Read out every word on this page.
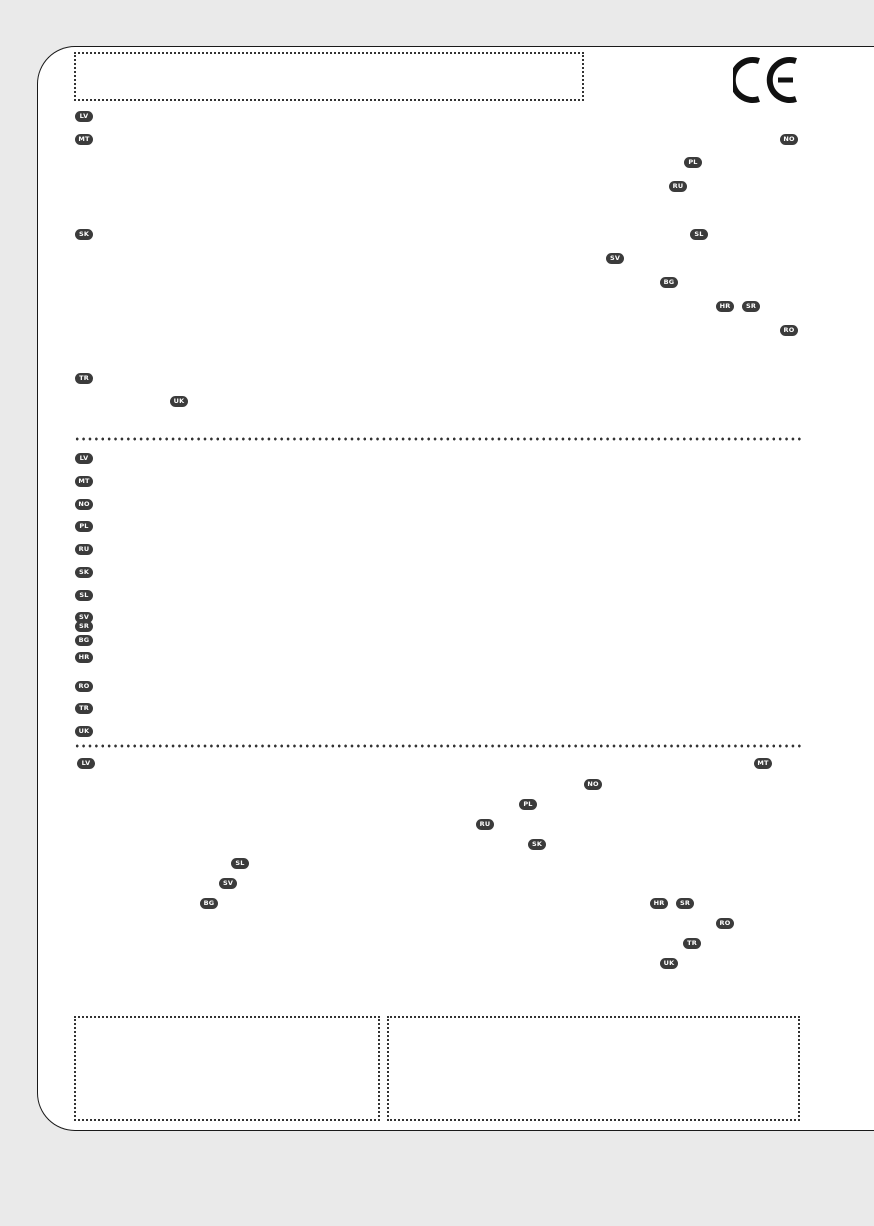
LV
MT	NO
PL
RU
SK	SL
SV
BG
HR	SR
RO
TR
UK
LV
MT
NO
PL
RU
SK
SL
SV
SR
BG
HR
RO
TR
UK
LV	MT
NO
PL
RU
SK
SL
SV
BG	HR	SR
RO
TR
UK
